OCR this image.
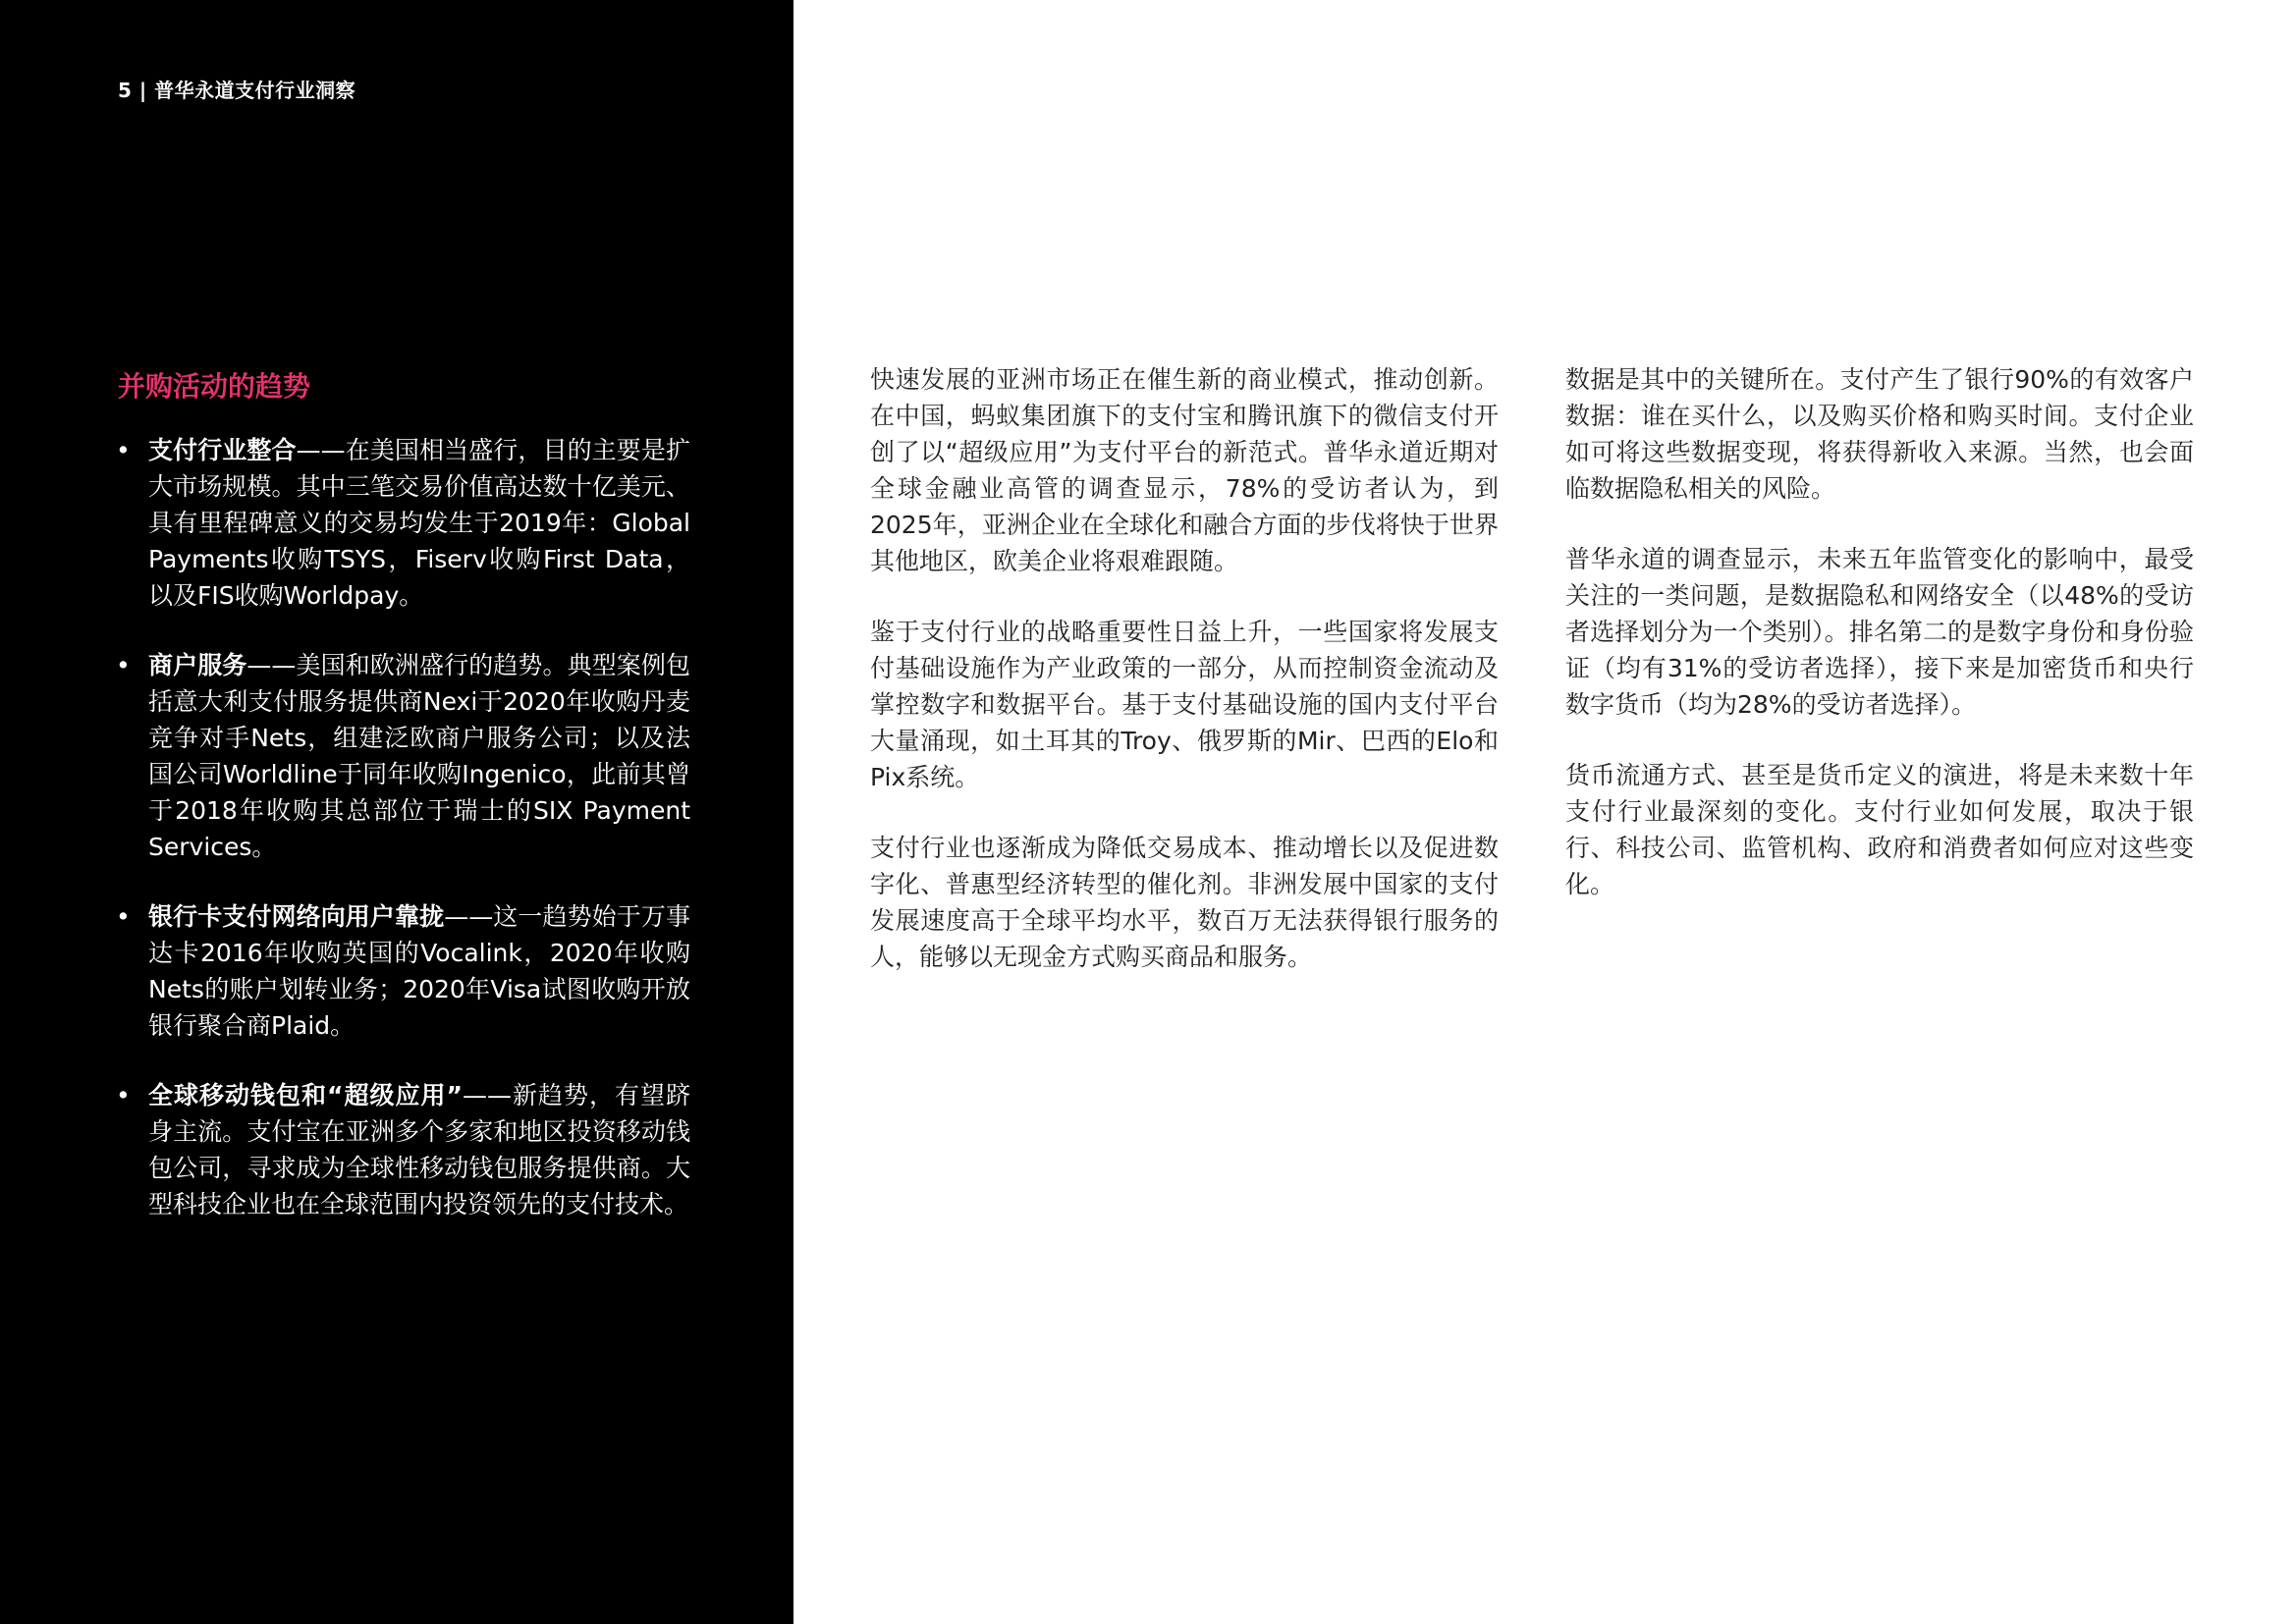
5 | 普华永道支付行业洞察
并购活动的趋势
• 支付行业整合——在美国相当盛行，目的主要是扩大市场规模。其中三笔交易价值高达数十亿美元、具有里程碑意义的交易均发生于2019年：Global Payments收购TSYS，Fiserv收购First Data，以及FIS收购Worldpay。
• 商户服务——美国和欧洲盛行的趋势。典型案例包括意大利支付服务提供商Nexi于2020年收购丹麦竞争对手Nets，组建泛欧商户服务公司；以及法国公司Worldline于同年收购Ingenico，此前其曾于2018年收购其总部位于瑞士的SIX Payment Services。
• 银行卡支付网络向用户靠拢——这一趋势始于万事达卡2016年收购英国的Vocalink，2020年收购Nets的账户划转业务；2020年Visa试图收购开放银行聚合商Plaid。
• 全球移动钱包和“超级应用”——新趋势，有望跻身主流。支付宝在亚洲多个多家和地区投资移动钱包公司，寻求成为全球性移动钱包服务提供商。大型科技企业也在全球范围内投资领先的支付技术。

快速发展的亚洲市场正在催生新的商业模式，推动创新。在中国，蚂蚁集团旗下的支付宝和腾讯旗下的微信支付开创了以“超级应用”为支付平台的新范式。普华永道近期对全球金融业高管的调查显示，78%的受访者认为，到2025年，亚洲企业在全球化和融合方面的步伐将快于世界其他地区，欧美企业将艰难跟随。

鉴于支付行业的战略重要性日益上升，一些国家将发展支付基础设施作为产业政策的一部分，从而控制资金流动及掌控数字和数据平台。基于支付基础设施的国内支付平台大量涌现，如土耳其的Troy、俄罗斯的Mir、巴西的Elo和Pix系统。

支付行业也逐渐成为降低交易成本、推动增长以及促进数字化、普惠型经济转型的催化剂。非洲发展中国家的支付发展速度高于全球平均水平，数百万无法获得银行服务的人，能够以无现金方式购买商品和服务。

数据是其中的关键所在。支付产生了银行90%的有效客户数据：谁在买什么，以及购买价格和购买时间。支付企业如可将这些数据变现，将获得新收入来源。当然，也会面临数据隐私相关的风险。

普华永道的调查显示，未来五年监管变化的影响中，最受关注的一类问题，是数据隐私和网络安全（以48%的受访者选择划分为一个类别）。排名第二的是数字身份和身份验证（均有31%的受访者选择），接下来是加密货币和央行数字货币（均为28%的受访者选择）。

货币流通方式、甚至是货币定义的演进，将是未来数十年支付行业最深刻的变化。支付行业如何发展，取决于银行、科技公司、监管机构、政府和消费者如何应对这些变化。
